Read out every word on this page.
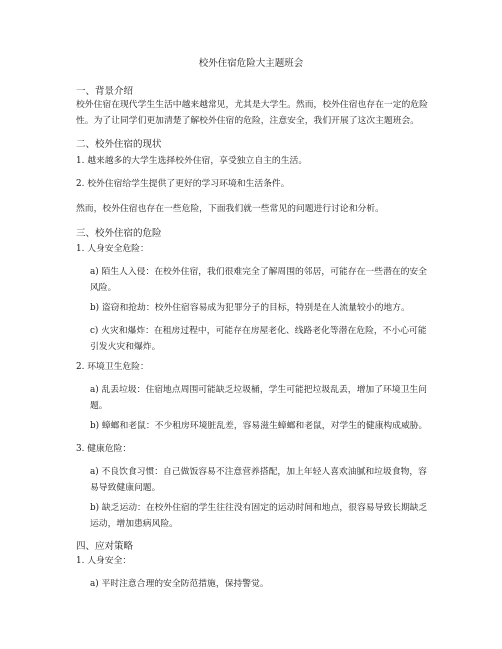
校外住宿危险大主题班会
一、背景介绍
校外住宿在现代学生生活中越来越常见，尤其是大学生。然而，校外住宿也存在一定的危险性。为了让同学们更加清楚了解校外住宿的危险，注意安全，我们开展了这次主题班会。
二、校外住宿的现状
1. 越来越多的大学生选择校外住宿，享受独立自主的生活。
2. 校外住宿给学生提供了更好的学习环境和生活条件。
然而，校外住宿也存在一些危险，下面我们就一些常见的问题进行讨论和分析。
三、校外住宿的危险
1. 人身安全危险：
a) 陌生人入侵：在校外住宿，我们很难完全了解周围的邻居，可能存在一些潜在的安全风险。
b) 盗窃和抢劫：校外住宿容易成为犯罪分子的目标，特别是在人流量较小的地方。
c) 火灾和爆炸：在租房过程中，可能存在房屋老化、线路老化等潜在危险，不小心可能引发火灾和爆炸。
2. 环境卫生危险：
a) 乱丢垃圾：住宿地点周围可能缺乏垃圾桶，学生可能把垃圾乱丢，增加了环境卫生问题。
b) 蟑螂和老鼠：不少租房环境脏乱差，容易滋生蟑螂和老鼠，对学生的健康构成威胁。
3. 健康危险：
a) 不良饮食习惯：自己做饭容易不注意营养搭配，加上年轻人喜欢油腻和垃圾食物，容易导致健康问题。
b) 缺乏运动：在校外住宿的学生往往没有固定的运动时间和地点，很容易导致长期缺乏运动，增加患病风险。
四、应对策略
1. 人身安全：
a) 平时注意合理的安全防范措施，保持警觉。
